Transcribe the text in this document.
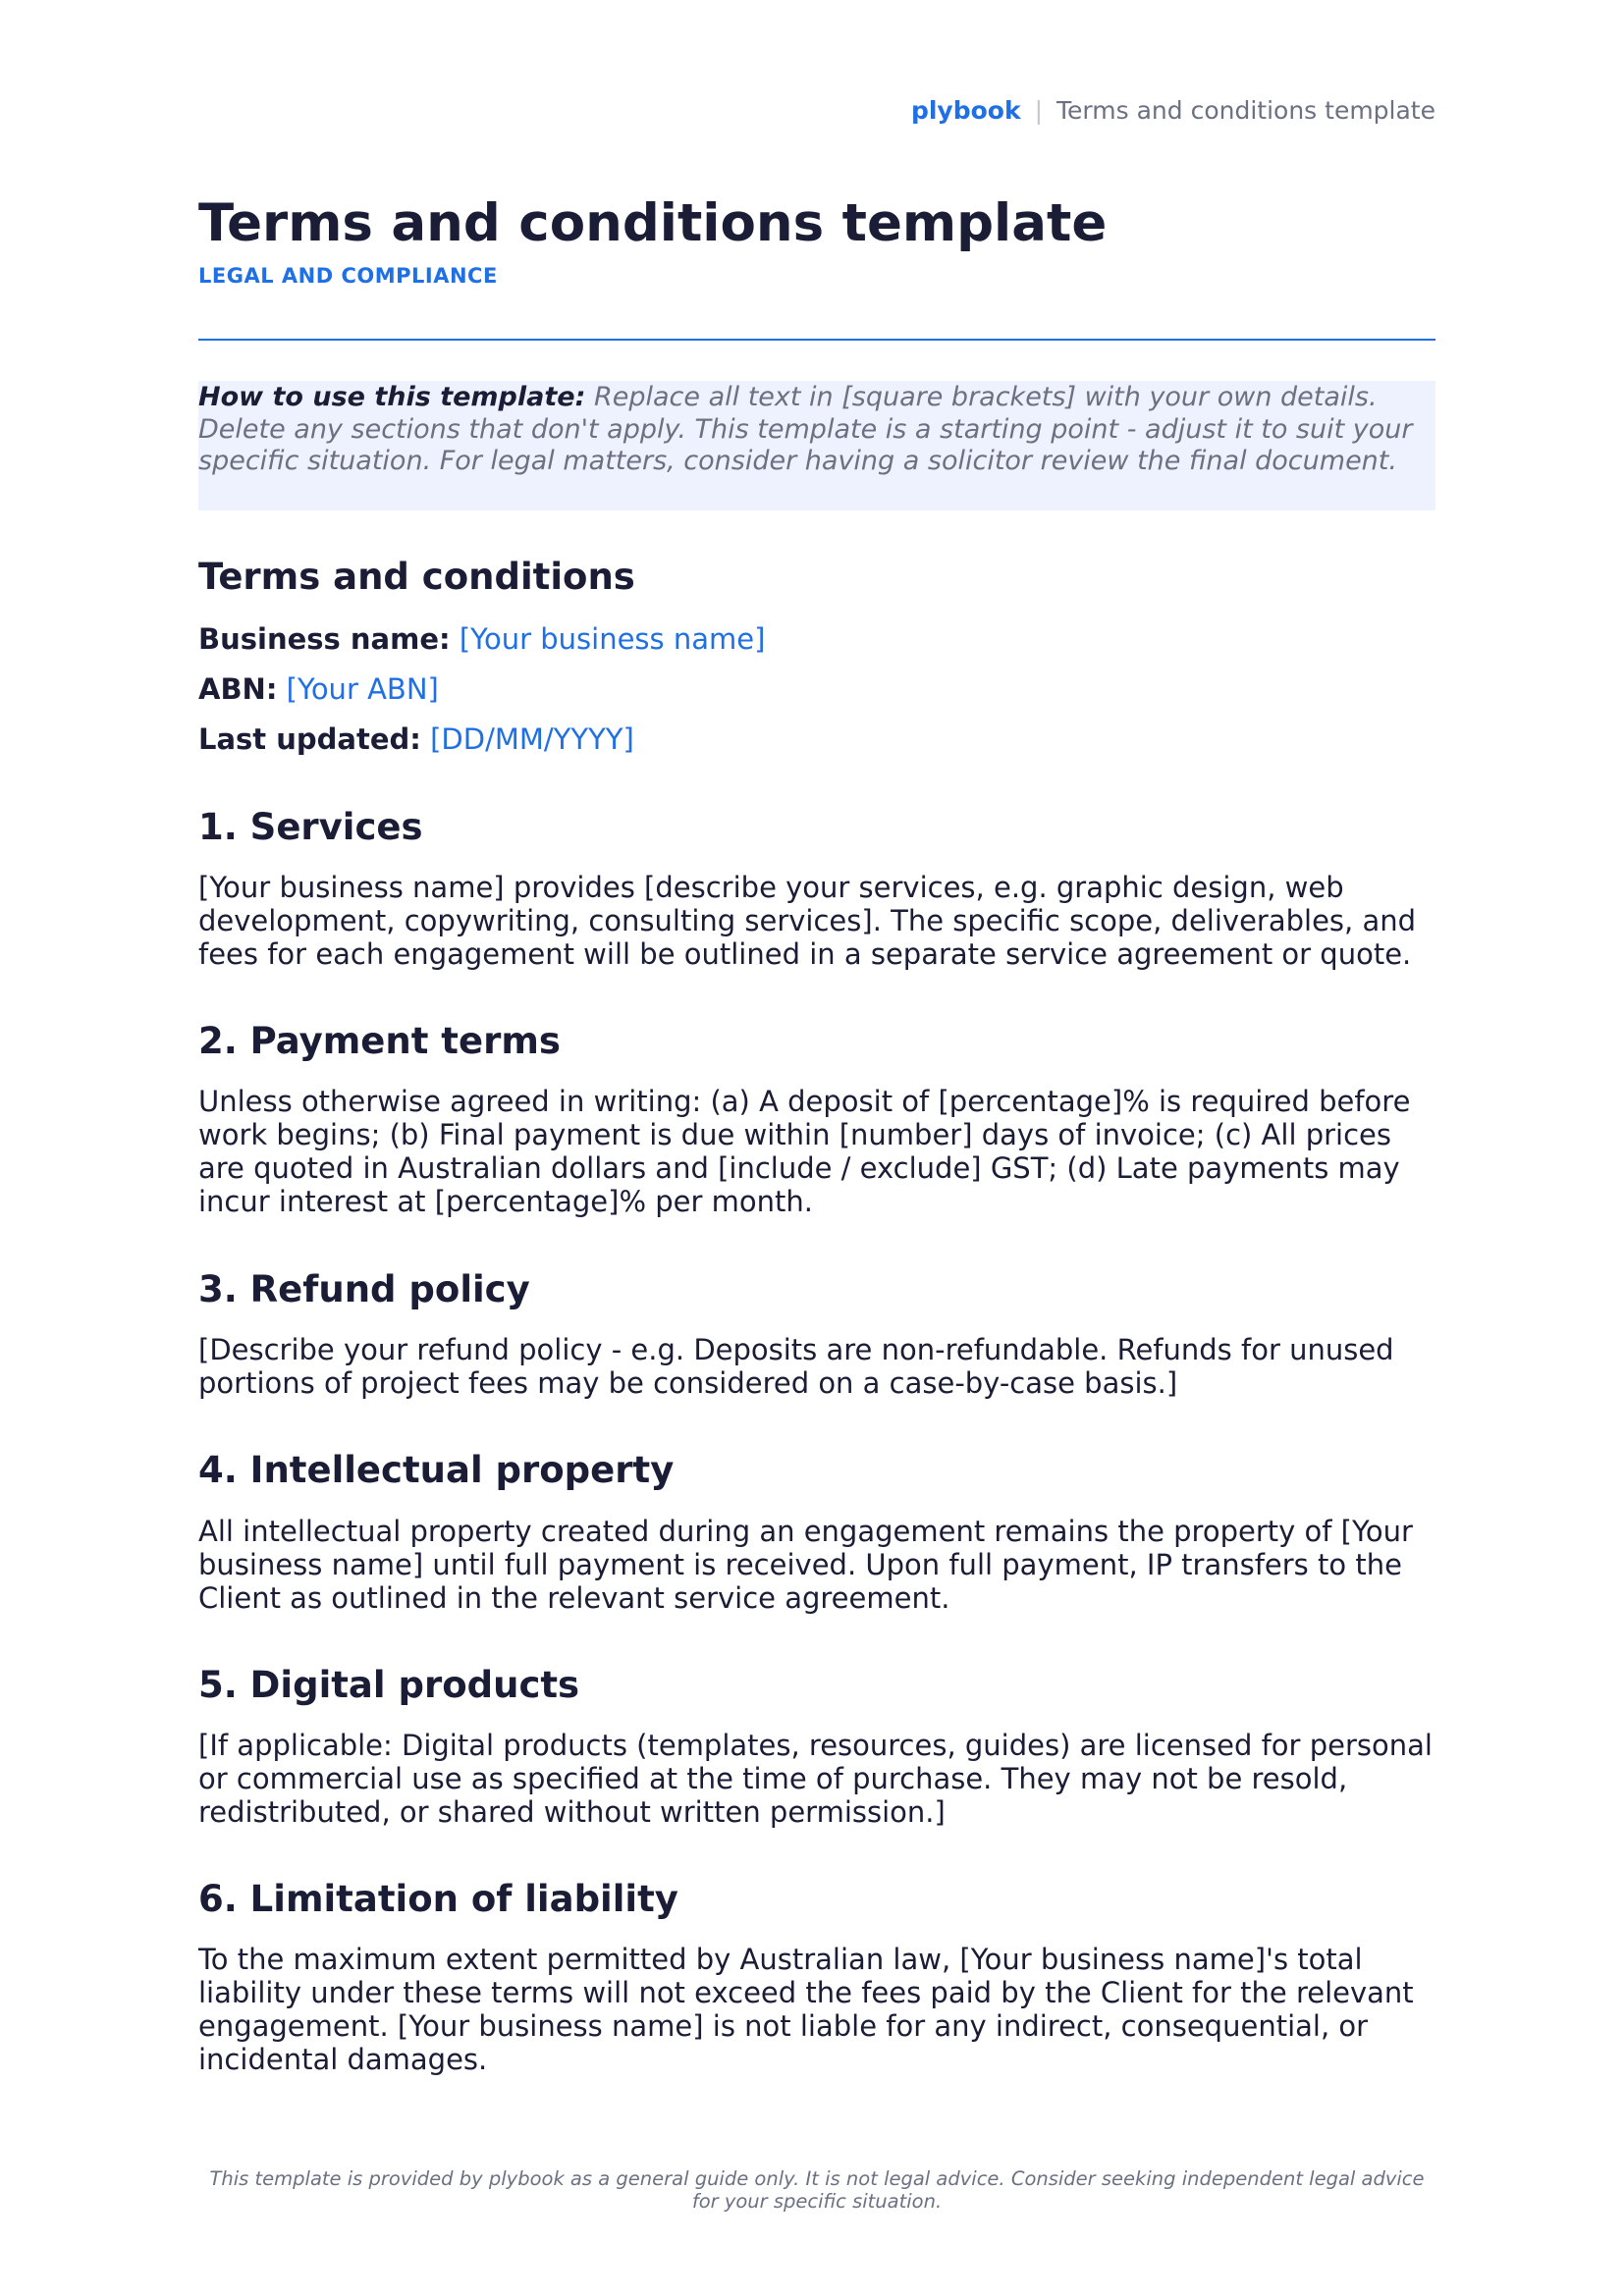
plybook | Terms and conditions template
Terms and conditions template
LEGAL AND COMPLIANCE
How to use this template: Replace all text in [square brackets] with your own details. Delete any sections that don't apply. This template is a starting point - adjust it to suit your specific situation. For legal matters, consider having a solicitor review the final document.
Terms and conditions
Business name: [Your business name]
ABN: [Your ABN]
Last updated: [DD/MM/YYYY]
1. Services

[Your business name] provides [describe your services, e.g. graphic design, web development, copywriting, consulting services]. The specific scope, deliverables, and fees for each engagement will be outlined in a separate service agreement or quote.

2. Payment terms

Unless otherwise agreed in writing: (a) A deposit of [percentage]% is required before work begins; (b) Final payment is due within [number] days of invoice; (c) All prices are quoted in Australian dollars and [include / exclude] GST; (d) Late payments may incur interest at [percentage]% per month.

3. Refund policy

[Describe your refund policy - e.g. Deposits are non-refundable. Refunds for unused portions of project fees may be considered on a case-by-case basis.]

4. Intellectual property

All intellectual property created during an engagement remains the property of [Your business name] until full payment is received. Upon full payment, IP transfers to the Client as outlined in the relevant service agreement.

5. Digital products

[If applicable: Digital products (templates, resources, guides) are licensed for personal or commercial use as specified at the time of purchase. They may not be resold, redistributed, or shared without written permission.]

6. Limitation of liability

To the maximum extent permitted by Australian law, [Your business name]'s total liability under these terms will not exceed the fees paid by the Client for the relevant engagement. [Your business name] is not liable for any indirect, consequential, or incidental damages.

This template is provided by plybook as a general guide only. It is not legal advice. Consider seeking independent legal advice for your specific situation.
